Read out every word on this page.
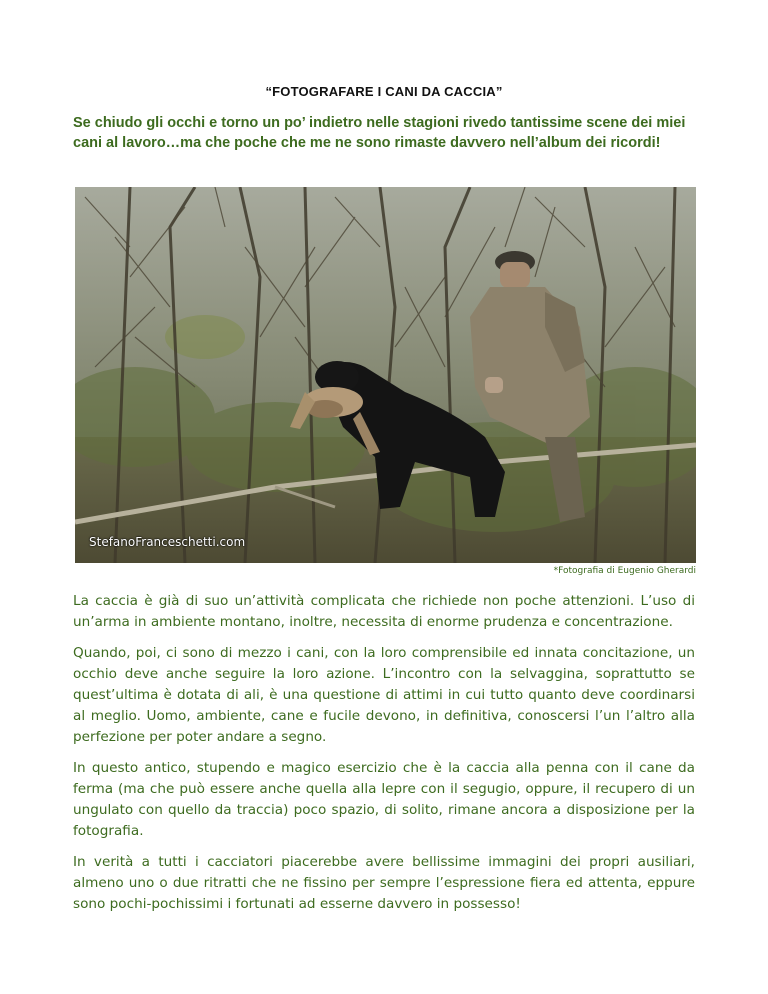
“FOTOGRAFARE I CANI DA CACCIA”
Se chiudo gli occhi e torno un po’ indietro nelle stagioni rivedo tantissime scene dei miei cani al lavoro…ma che poche che me ne sono rimaste davvero nell’album dei ricordi!
StefanoFranceschetti.com
*Fotografia di Eugenio Gherardi

La caccia è già di suo un’attività complicata che richiede non poche attenzioni. L’uso di un’arma in ambiente montano, inoltre, necessita di enorme prudenza e concentrazione.

Quando, poi, ci sono di mezzo i cani, con la loro comprensibile ed innata concitazione, un occhio deve anche seguire la loro azione. L’incontro con la selvaggina, soprattutto se quest’ultima è dotata di ali, è una questione di attimi in cui tutto quanto deve coordinarsi al meglio. Uomo, ambiente, cane e fucile devono, in definitiva, conoscersi l’un l’altro alla perfezione per poter andare a segno.

In questo antico, stupendo e magico esercizio che è la caccia alla penna con il cane da ferma (ma che può essere anche quella alla lepre con il segugio, oppure, il recupero di un ungulato con quello da traccia) poco spazio, di solito, rimane ancora a disposizione per la fotografia.

In verità a tutti i cacciatori piacerebbe avere bellissime immagini dei propri ausiliari, almeno uno o due ritratti che ne fissino per sempre l’espressione fiera ed attenta, eppure sono pochi-pochissimi i fortunati ad esserne davvero in possesso!
